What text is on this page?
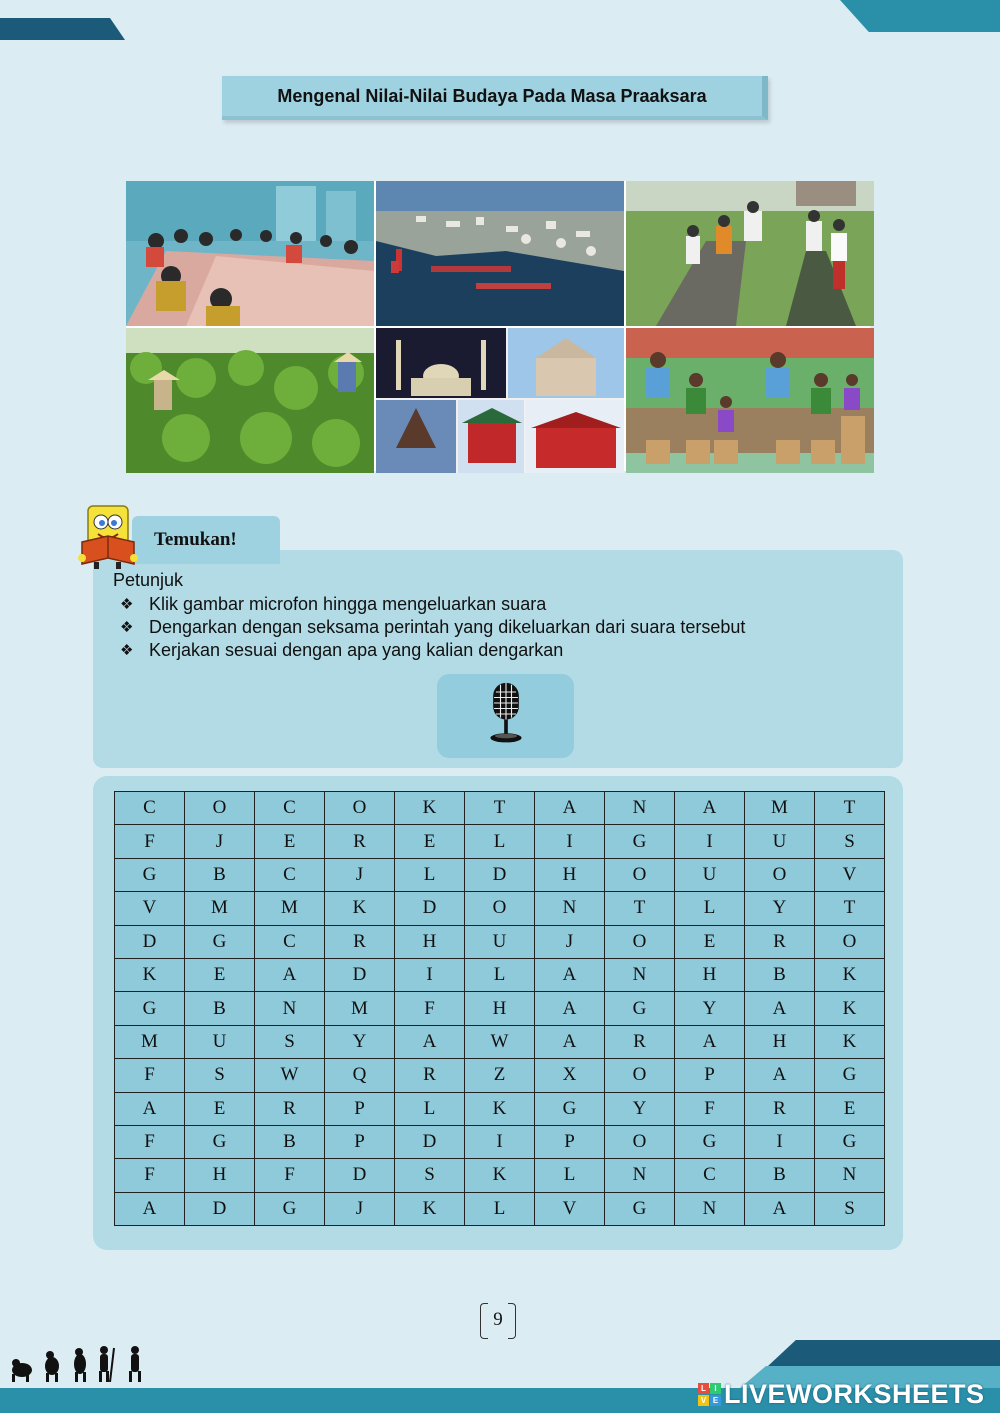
Mengenal Nilai-Nilai Budaya Pada Masa Praaksara
Temukan!
Petunjuk
❖ Klik gambar microfon hingga mengeluarkan suara
❖ Dengarkan dengan seksama perintah yang dikeluarkan dari suara tersebut
❖ Kerjakan sesuai dengan apa yang kalian dengarkan
C	O	C	O	K	T	A	N	A	M	T
F	J	E	R	E	L	I	G	I	U	S
G	B	C	J	L	D	H	O	U	O	V
V	M	M	K	D	O	N	T	L	Y	T
D	G	C	R	H	U	J	O	E	R	O
K	E	A	D	I	L	A	N	H	B	K
G	B	N	M	F	H	A	G	Y	A	K
M	U	S	Y	A	W	A	R	A	H	K
F	S	W	Q	R	Z	X	O	P	A	G
A	E	R	P	L	K	G	Y	F	R	E
F	G	B	P	D	I	P	O	G	I	G
F	H	F	D	S	K	L	N	C	B	N
A	D	G	J	K	L	V	G	N	A	S
9
L	I
V E LIVEWORKSHEETS
